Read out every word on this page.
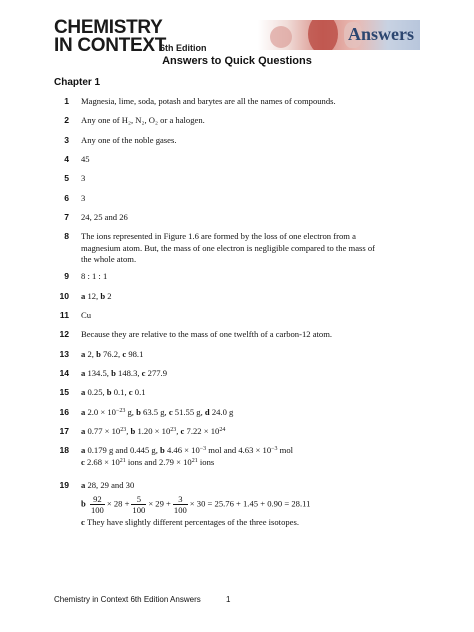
CHEMISTRY
IN CONTEXT
6th Edition
Answers
Answers to Quick Questions
Chapter 1
1 Magnesia, lime, soda, potash and barytes are all the names of compounds.
2 Any one of H₂, N₂, O₂ or a halogen.
3 Any one of the noble gases.
4 45
5 3
6 3
7 24, 25 and 26
8 The ions represented in Figure 1.6 are formed by the loss of one electron from a
magnesium atom. But, the mass of one electron is negligible compared to the mass of
the whole atom.
9 8 : 1 : 1
10 a 12, b 2
11 Cu
12 Because they are relative to the mass of one twelfth of a carbon-12 atom.
13 a 2, b 76.2, c 98.1
14 a 134.5, b 148.3, c 277.9
15 a 0.25, b 0.1, c 0.1
16 a $2.0 \times 10^{-23}$ g, b 63.5 g, c 51.55 g, d 24.0 g
17 a $0.77 \times 10^{23}$, b $1.20 \times 10^{23}$, c $7.22 \times 10^{24}$
18 a 0.179 g and 0.445 g, b $4.46 \times 10^{-3}$ mol and $4.63 \times 10^{-3}$ mol
c $2.68 \times 10^{21}$ ions and $2.79 \times 10^{21}$ ions
19 a 28, 29 and 30
b $\frac{92}{100} \times 28 + \frac{5}{100} \times 29 + \frac{3}{100} \times 30 = 25.76 + 1.45 + 0.90 = 28.11$
c They have slightly different percentages of the three isotopes.
Chemistry in Context 6th Edition Answers	1
